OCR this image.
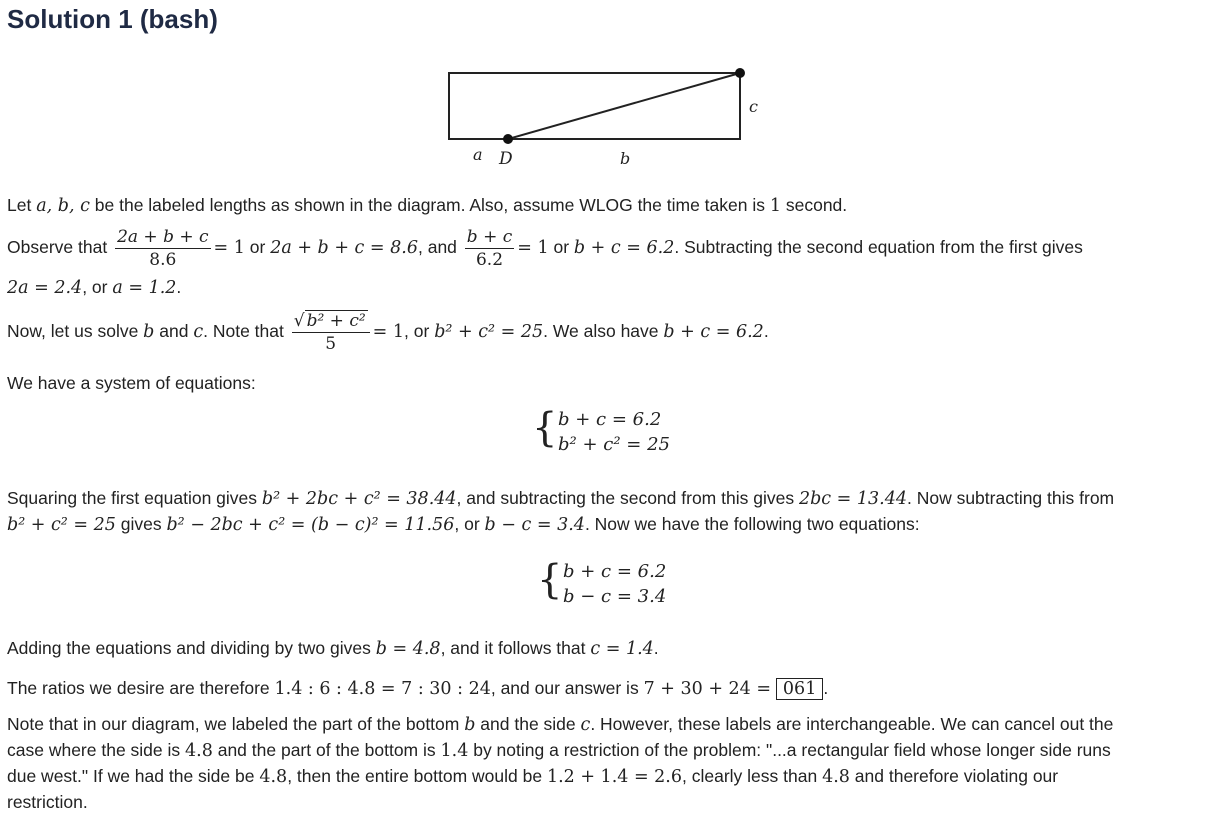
Solution 1 (bash)
c
a D	b
Let a, b, c be the labeled lengths as shown in the diagram. Also, assume WLOG the time taken is 1 second.
Observe that $\frac{2a + b + c}{8.6} = 1$ or 2a + b + c = 8.6, and $\frac{b + c}{6.2} = 1$ or b + c = 6.2. Subtracting the second equation from the first gives
2a = 2.4, or a = 1.2.
Now, let us solve b and c. Note that $\frac{\text{√ b² + c²}}{5} = 1$, or b² + c² = 25. We also have b + c = 6.2.
We have a system of equations:
{ b + c = 6.2
b² + c² = 25
Squaring the first equation gives b² + 2bc + c² = 38.44, and subtracting the second from this gives 2bc = 13.44. Now subtracting this from
b² + c² = 25 gives b² − 2bc + c² = (b − c)² = 11.56, or b − c = 3.4. Now we have the following two equations:
{ b + c = 6.2
b − c = 3.4
Adding the equations and dividing by two gives b = 4.8, and it follows that c = 1.4.
The ratios we desire are therefore 1.4 : 6 : 4.8 = 7 : 30 : 24, and our answer is 7 + 30 + 24 = 061 .
Note that in our diagram, we labeled the part of the bottom b and the side c. However, these labels are interchangeable. We can cancel out the
case where the side is 4.8 and the part of the bottom is 1.4 by noting a restriction of the problem: "...a rectangular field whose longer side runs
due west." If we had the side be 4.8, then the entire bottom would be 1.2 + 1.4 = 2.6, clearly less than 4.8 and therefore violating our
restriction.
